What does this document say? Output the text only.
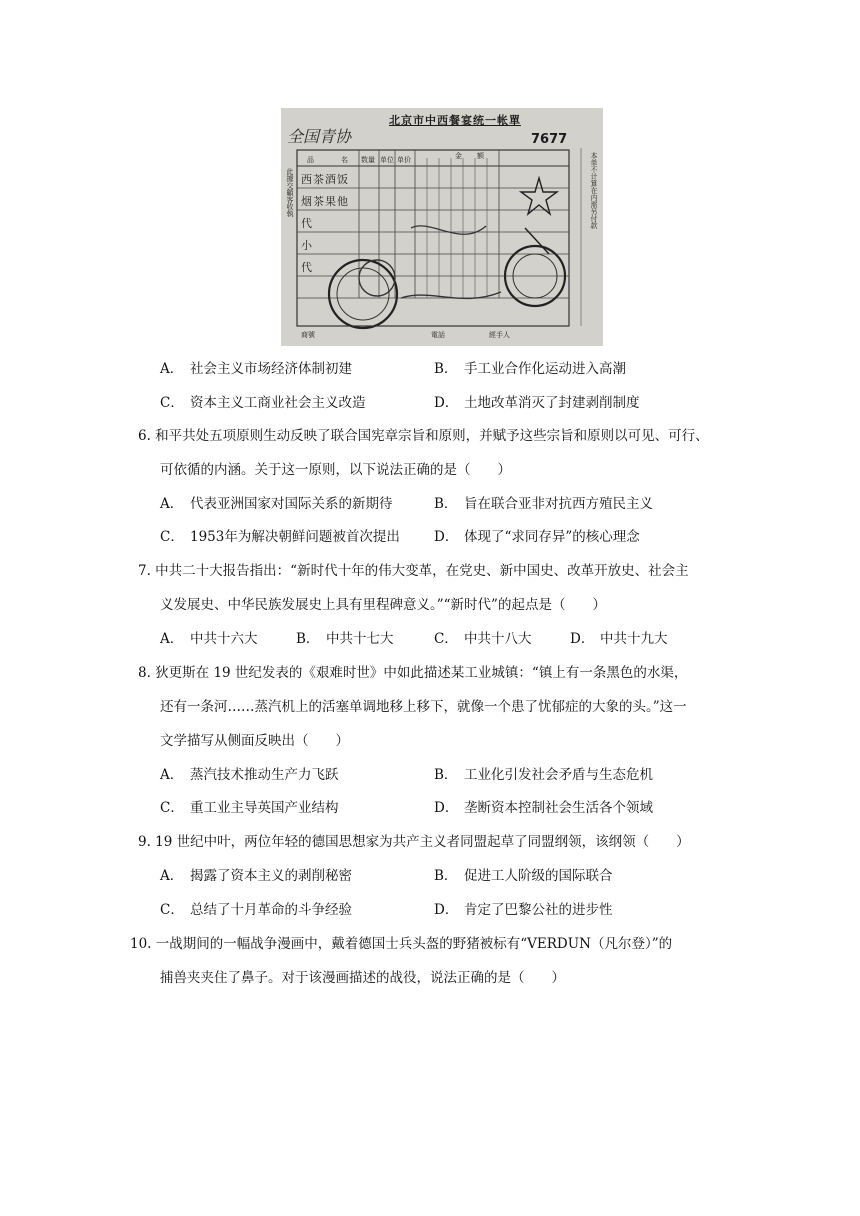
北京市中西餐宴统一帐單
7677
全国青协
品	名 数量 单位 单价	金 额
西茶酒饭
烟茶果他
代
小
代
商號	電話	經手人
此據交顧客收執	本单不计算在内需另付款
A． 社会主义市场经济体制初建	B． 手工业合作化运动进入高潮
C． 资本主义工商业社会主义改造	D． 土地改革消灭了封建剥削制度
6. 和平共处五项原则生动反映了联合国宪章宗旨和原则，并赋予这些宗旨和原则以可见、可行、
可依循的内涵。关于这一原则，以下说法正确的是（　　）
A． 代表亚洲国家对国际关系的新期待	B． 旨在联合亚非对抗西方殖民主义
C． 1953年为解决朝鲜问题被首次提出	D． 体现了“求同存异”的核心理念
7. 中共二十大报告指出：“新时代十年的伟大变革，在党史、新中国史、改革开放史、社会主
义发展史、中华民族发展史上具有里程碑意义。”“新时代”的起点是（　　）
A． 中共十六大	B． 中共十七大	C． 中共十八大	D． 中共十九大
8. 狄更斯在 19 世纪发表的《艰难时世》中如此描述某工业城镇：“镇上有一条黑色的水渠，
还有一条河……蒸汽机上的活塞单调地移上移下，就像一个患了忧郁症的大象的头。”这一
文学描写从侧面反映出（　　）
A． 蒸汽技术推动生产力飞跃	B． 工业化引发社会矛盾与生态危机
C． 重工业主导英国产业结构	D． 垄断资本控制社会生活各个领域
9. 19 世纪中叶，两位年轻的德国思想家为共产主义者同盟起草了同盟纲领，该纲领（　　）
A． 揭露了资本主义的剥削秘密	B． 促进工人阶级的国际联合
C． 总结了十月革命的斗争经验	D． 肯定了巴黎公社的进步性
10. 一战期间的一幅战争漫画中，戴着德国士兵头盔的野猪被标有“VERDUN（凡尔登）”的
捕兽夹夹住了鼻子。对于该漫画描述的战役，说法正确的是（　　）
